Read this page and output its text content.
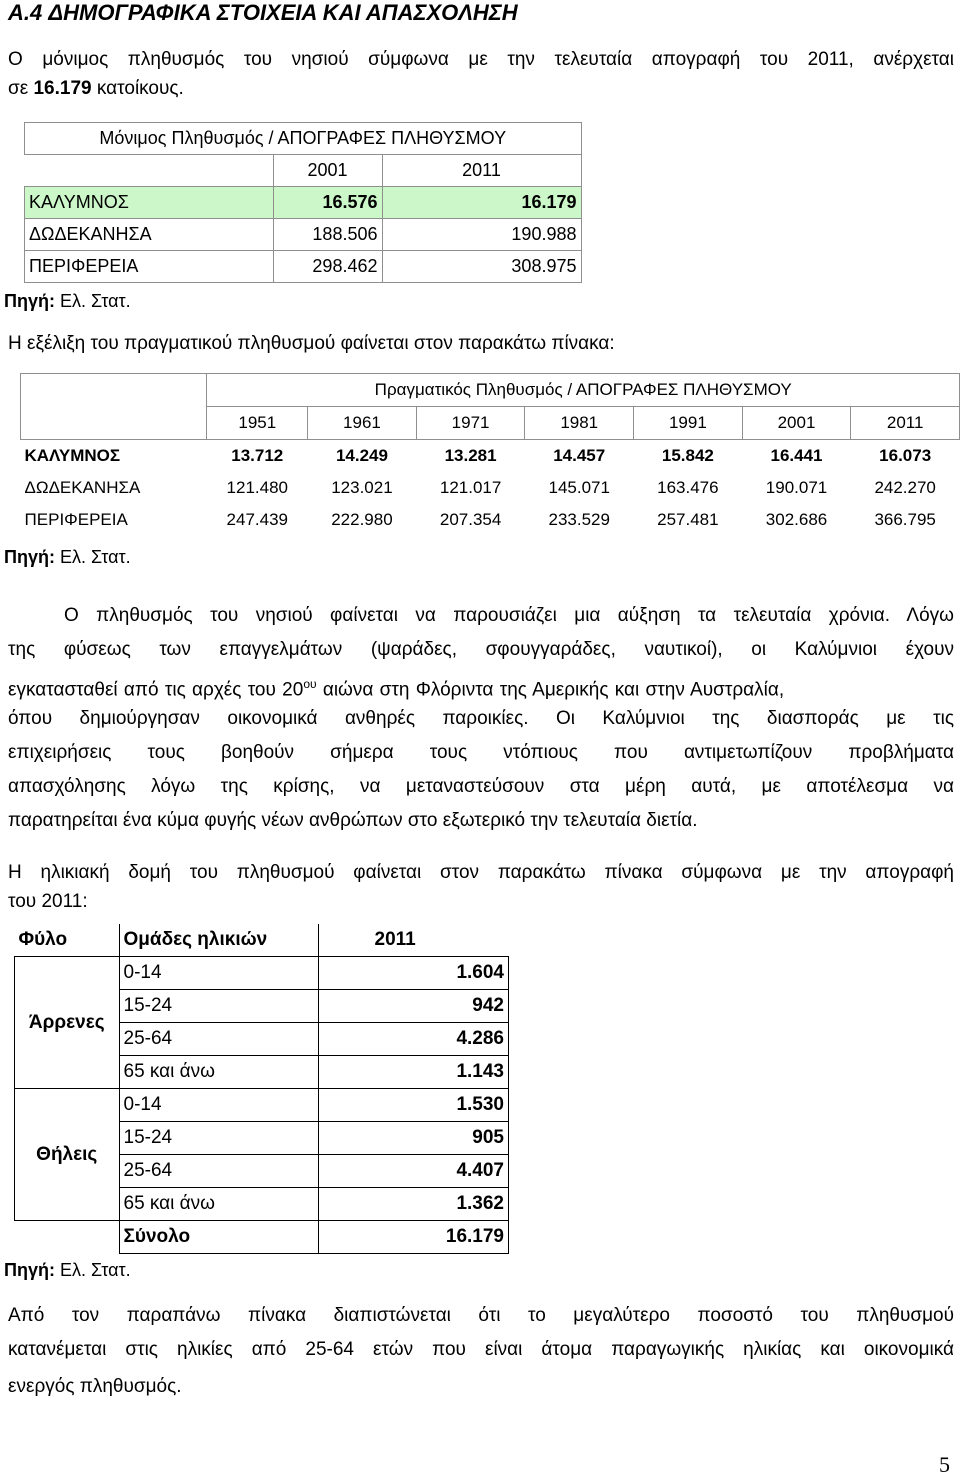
A.4 ΔΗΜΟΓΡΑΦΙΚΑ ΣΤΟΙΧΕΙΑ ΚΑΙ ΑΠΑΣΧΟΛΗΣΗ
Ο μόνιμος πληθυσμός του νησιού σύμφωνα με την τελευταία απογραφή του 2011, ανέρχεται
σε 16.179 κατοίκους.
Μόνιμος Πληθυσμός / ΑΠΟΓΡΑΦΕΣ ΠΛΗΘΥΣΜΟΥ		
	2001	2011
ΚΑΛΥΜΝΟΣ	16.576	16.179
ΔΩΔΕΚΑΝΗΣΑ	188.506	190.988
ΠΕΡΙΦΕΡΕΙΑ	298.462	308.975
Πηγή: Ελ. Στατ.
Η εξέλιξη του πραγματικού πληθυσμού φαίνεται στον παρακάτω πίνακα:
	Πραγματικός Πληθυσμός / ΑΠΟΓΡΑΦΕΣ ΠΛΗΘΥΣΜΟΥ						
	1951	1961	1971	1981	1991	2001	2011
ΚΑΛΥΜΝΟΣ	13.712	14.249	13.281	14.457	15.842	16.441	16.073
ΔΩΔΕΚΑΝΗΣΑ	121.480	123.021	121.017	145.071	163.476	190.071	242.270
ΠΕΡΙΦΕΡΕΙΑ	247.439	222.980	207.354	233.529	257.481	302.686	366.795
Πηγή: Ελ. Στατ.
Ο πληθυσμός του νησιού φαίνεται να παρουσιάζει μια αύξηση τα τελευταία χρόνια. Λόγω
της φύσεως των επαγγελμάτων (ψαράδες, σφουγγαράδες, ναυτικοί), οι Καλύμνιοι έχουν
εγκατασταθεί από τις αρχές του $20^{o\upsilon}$ αιώνα στη Φλόριντα της Αμερικής και στην Αυστραλία,
όπου δημιούργησαν οικονομικά ανθηρές παροικίες. Οι Καλύμνιοι της διασποράς με τις
επιχειρήσεις τους βοηθούν σήμερα τους ντόπιους που αντιμετωπίζουν προβλήματα
απασχόλησης λόγω της κρίσης, να μεταναστεύσουν στα μέρη αυτά, με αποτέλεσμα να
παρατηρείται ένα κύμα φυγής νέων ανθρώπων στο εξωτερικό την τελευταία διετία.
Η ηλικιακή δομή του πληθυσμού φαίνεται στον παρακάτω πίνακα σύμφωνα με την απογραφή
του 2011:
Φύλο	Ομάδες ηλικιών	2011
Άρρενες	0-14	1.604
	15-24	942
	25-64	4.286
	65 και άνω	1.143
Θήλεις	0-14	1.530
	15-24	905
	25-64	4.407
	65 και άνω	1.362
	Σύνολο	16.179
Πηγή: Ελ. Στατ.
Από τον παραπάνω πίνακα διαπιστώνεται ότι το μεγαλύτερο ποσοστό του πληθυσμού
κατανέμεται στις ηλικίες από 25-64 ετών που είναι άτομα παραγωγικής ηλικίας και οικονομικά
ενεργός πληθυσμός.
5
